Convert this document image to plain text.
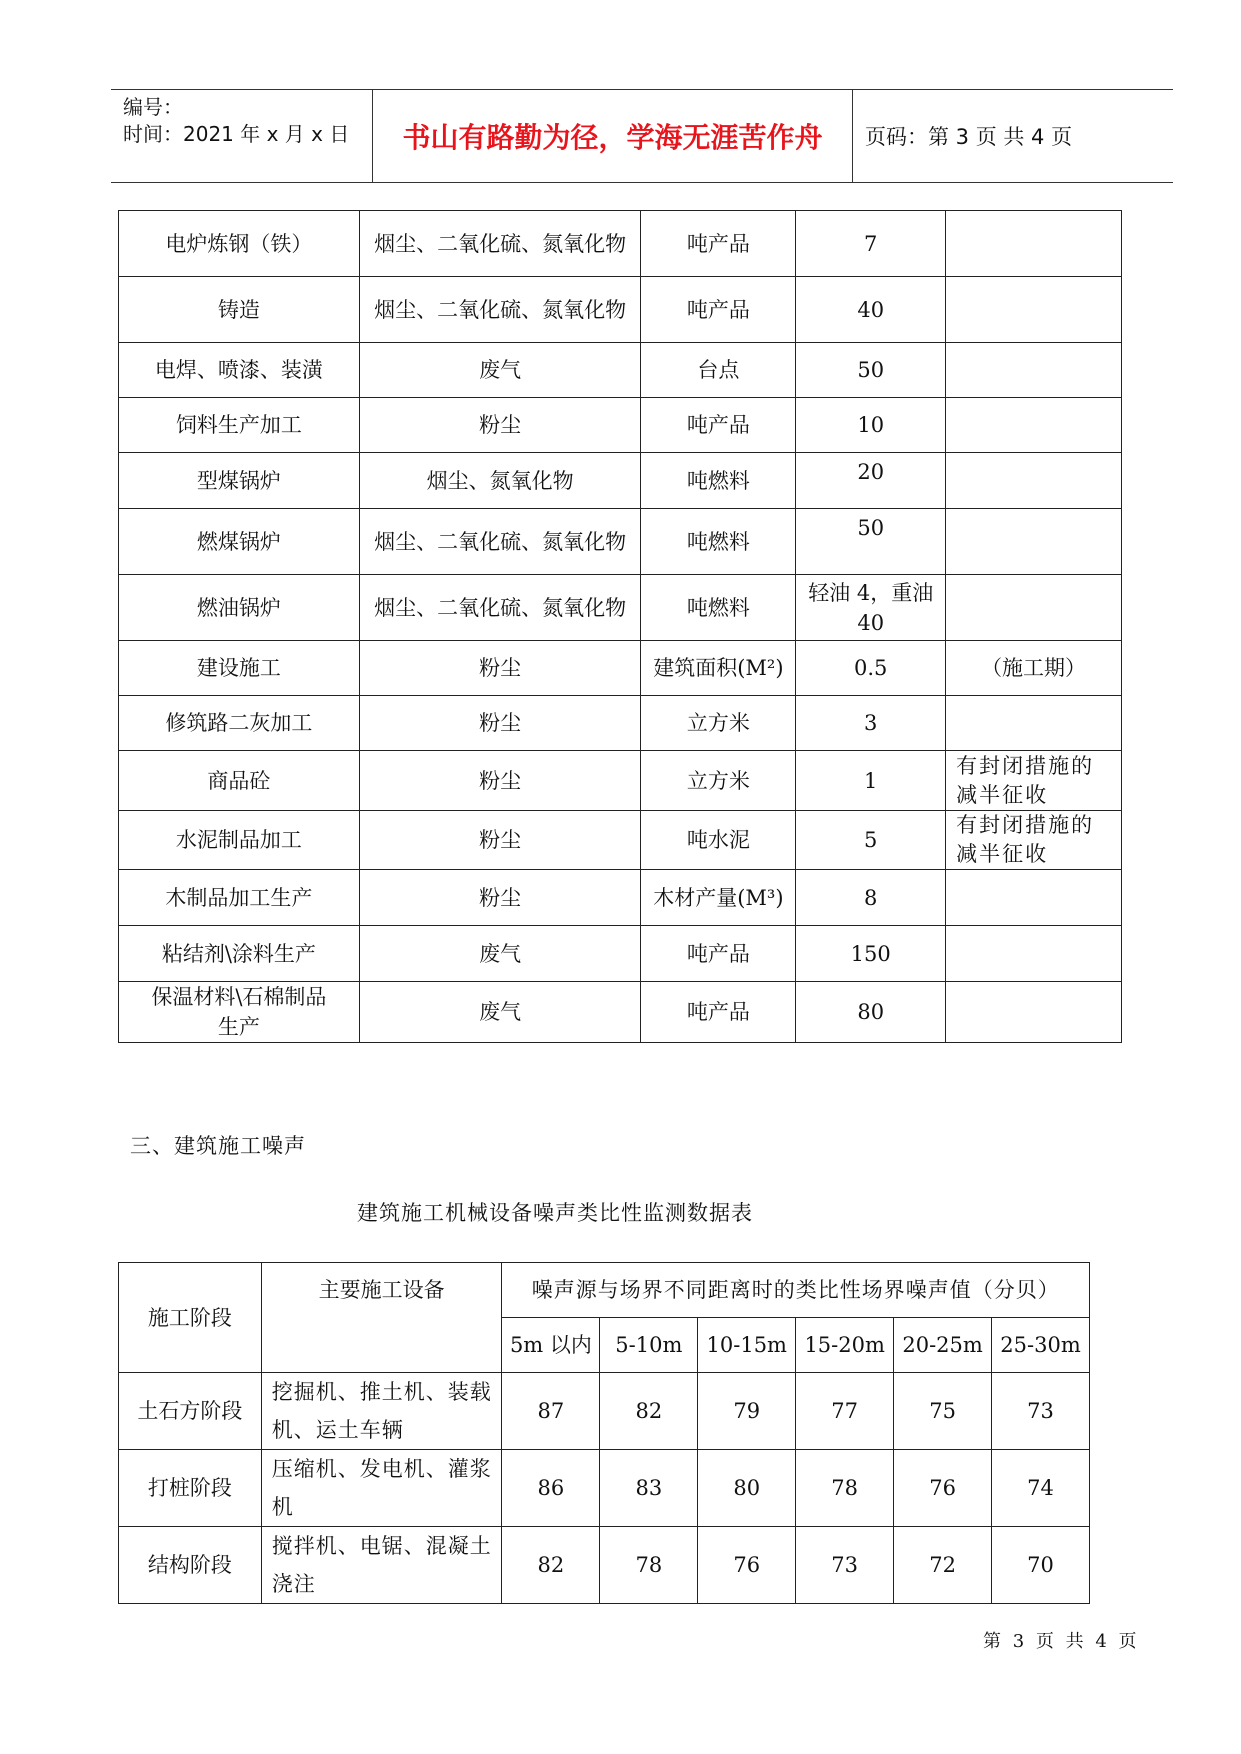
编号：
时间：2021 年 x 月 x 日	书山有路勤为径，学海无涯苦作舟	页码：第 3 页 共 4 页
电炉炼钢（铁）	烟尘、二氧化硫、氮氧化物	吨产品	7	
铸造	烟尘、二氧化硫、氮氧化物	吨产品	40	
电焊、喷漆、装潢	废气	台点	50	
饲料生产加工	粉尘	吨产品	10	
型煤锅炉	烟尘、氮氧化物	吨燃料	20	
燃煤锅炉	烟尘、二氧化硫、氮氧化物	吨燃料	50	
燃油锅炉	烟尘、二氧化硫、氮氧化物	吨燃料	轻油 4，重油 40	
建设施工	粉尘	建筑面积(M²)	0.5	（施工期）
修筑路二灰加工	粉尘	立方米	3	
商品砼	粉尘	立方米	1	有封闭措施的减半征收
水泥制品加工	粉尘	吨水泥	5	有封闭措施的减半征收
木制品加工生产	粉尘	木材产量(M³)	8	
粘结剂\涂料生产	废气	吨产品	150	
保温材料\石棉制品生产	废气	吨产品	80	
三、建筑施工噪声
建筑施工机械设备噪声类比性监测数据表
施工阶段	主要施工设备	噪声源与场界不同距离时的类比性场界噪声值（分贝）					
		5m 以内	5-10m	10-15m	15-20m	20-25m	25-30m
土石方阶段	挖掘机、推土机、装载机、运土车辆	87	82	79	77	75	73
打桩阶段	压缩机、发电机、灌浆机	86	83	80	78	76	74
结构阶段	搅拌机、电锯、混凝土浇注	82	78	76	73	72	70
第 3 页 共 4 页
